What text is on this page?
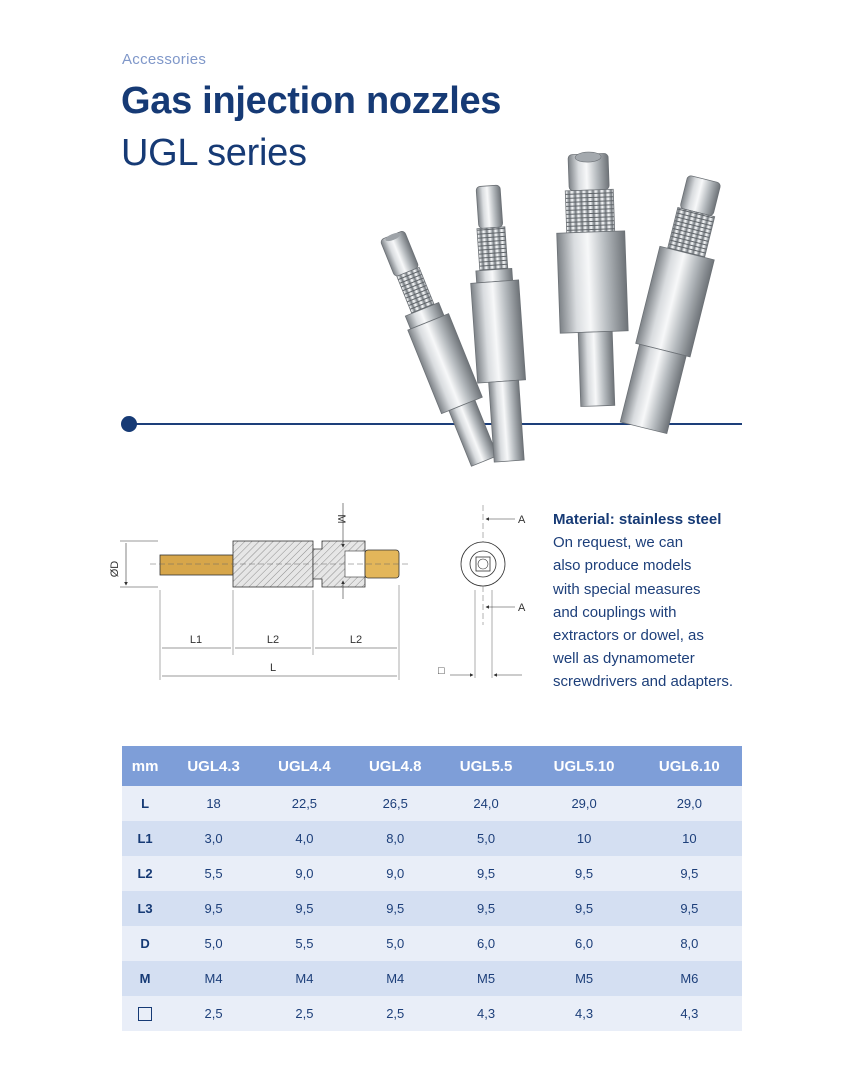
Accessories
Gas injection nozzles
UGL series
ØD
M
L1	L2	L2
L
A
A
□
Material: stainless steel
On request, we can
also produce models
with special measures
and couplings with
extractors or dowel, as
well as dynamometer
screwdrivers and adapters.
mm	UGL4.3	UGL4.4	UGL4.8	UGL5.5	UGL5.10	UGL6.10
L	18	22,5	26,5	24,0	29,0	29,0
L1	3,0	4,0	8,0	5,0	10	10
L2	5,5	9,0	9,0	9,5	9,5	9,5
L3	9,5	9,5	9,5	9,5	9,5	9,5
D	5,0	5,5	5,0	6,0	6,0	8,0
M	M4	M4	M4	M5	M5	M6
	2,5	2,5	2,5	4,3	4,3	4,3
